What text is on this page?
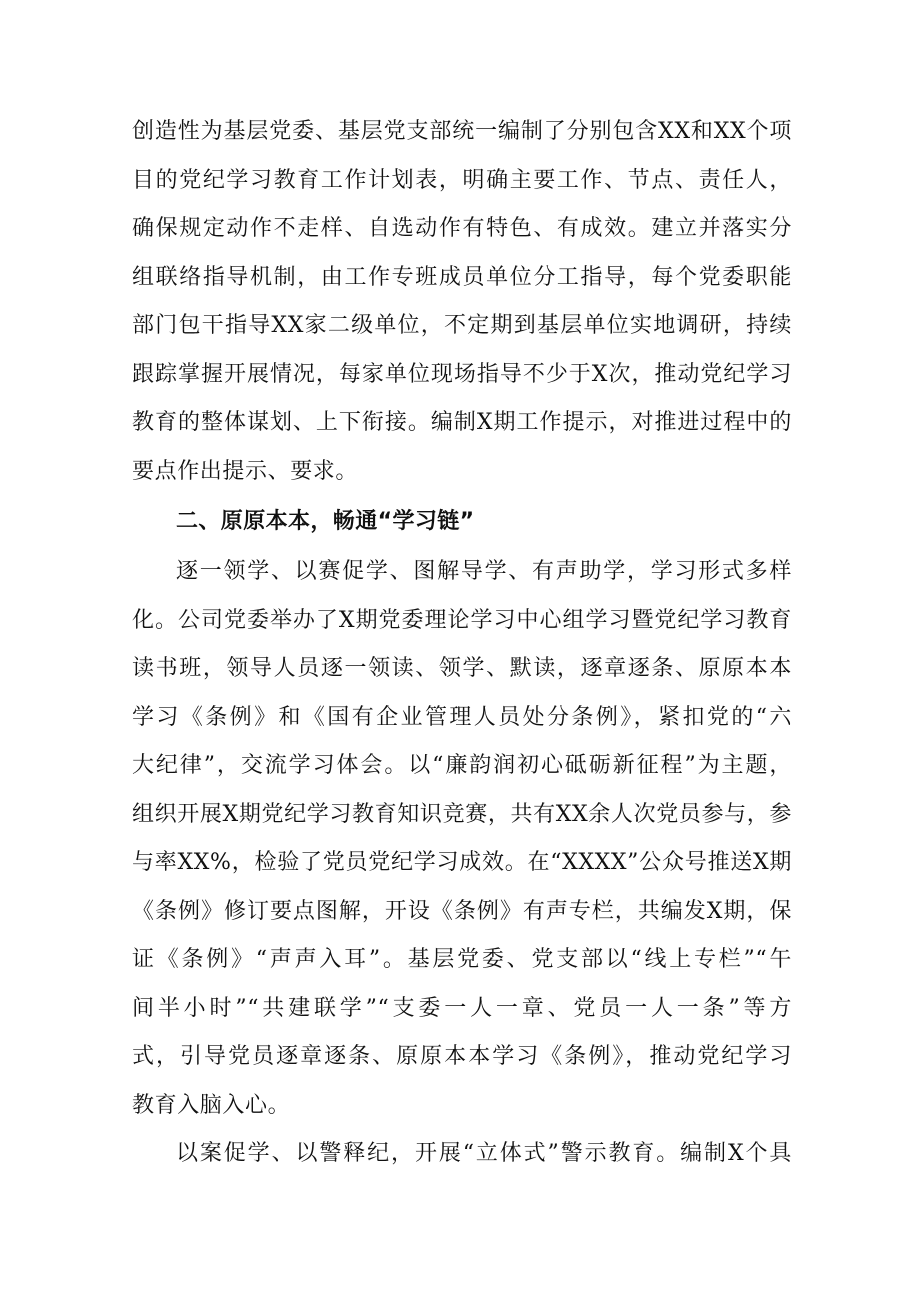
创造性为基层党委、基层党支部统一编制了分别包含XX和XX个项
目的党纪学习教育工作计划表，明确主要工作、节点、责任人，
确保规定动作不走样、自选动作有特色、有成效。建立并落实分
组联络指导机制，由工作专班成员单位分工指导，每个党委职能
部门包干指导XX家二级单位，不定期到基层单位实地调研，持续
跟踪掌握开展情况，每家单位现场指导不少于X次，推动党纪学习
教育的整体谋划、上下衔接。编制X期工作提示，对推进过程中的
要点作出提示、要求。
二、原原本本，畅通“学习链”
逐一领学、以赛促学、图解导学、有声助学，学习形式多样
化。公司党委举办了X期党委理论学习中心组学习暨党纪学习教育
读书班，领导人员逐一领读、领学、默读，逐章逐条、原原本本
学习《条例》和《国有企业管理人员处分条例》，紧扣党的“六
大纪律”，交流学习体会。以“廉韵润初心砥砺新征程”为主题，
组织开展X期党纪学习教育知识竞赛，共有XX余人次党员参与，参
与率XX%，检验了党员党纪学习成效。在“XXXX”公众号推送X期
《条例》修订要点图解，开设《条例》有声专栏，共编发X期，保
证《条例》“声声入耳”。基层党委、党支部以“线上专栏”“午
间半小时”“共建联学”“支委一人一章、党员一人一条”等方
式，引导党员逐章逐条、原原本本学习《条例》，推动党纪学习
教育入脑入心。
以案促学、以警释纪，开展“立体式”警示教育。编制X个具
